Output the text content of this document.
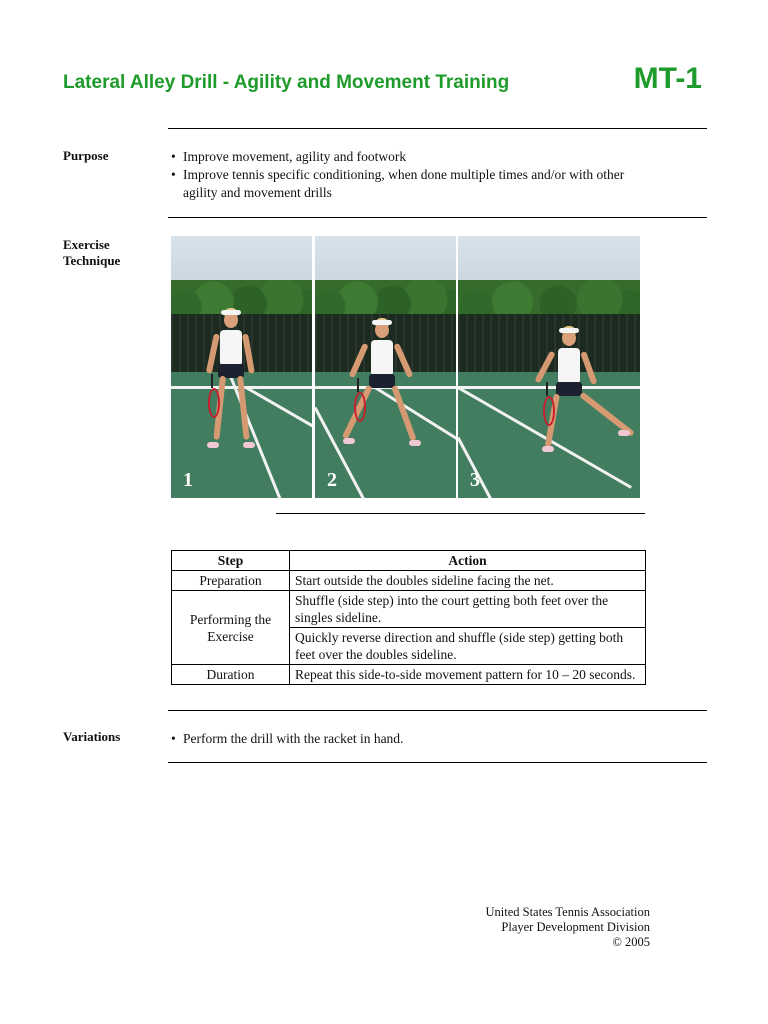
Lateral Alley Drill - Agility and Movement Training	MT-1
Purpose	• Improve movement, agility and footwork
• Improve tennis specific conditioning, when done multiple times and/or with other agility and movement drills
Exercise
Technique
1	2	3
Step	Action
Preparation	Start outside the doubles sideline facing the net.
Performing the Exercise	Shuffle (side step) into the court getting both feet over the singles sideline.
	Quickly reverse direction and shuffle (side step) getting both feet over the doubles sideline.
Duration	Repeat this side-to-side movement pattern for 10 – 20 seconds.
Variations	• Perform the drill with the racket in hand.
United States Tennis Association
Player Development Division
© 2005
